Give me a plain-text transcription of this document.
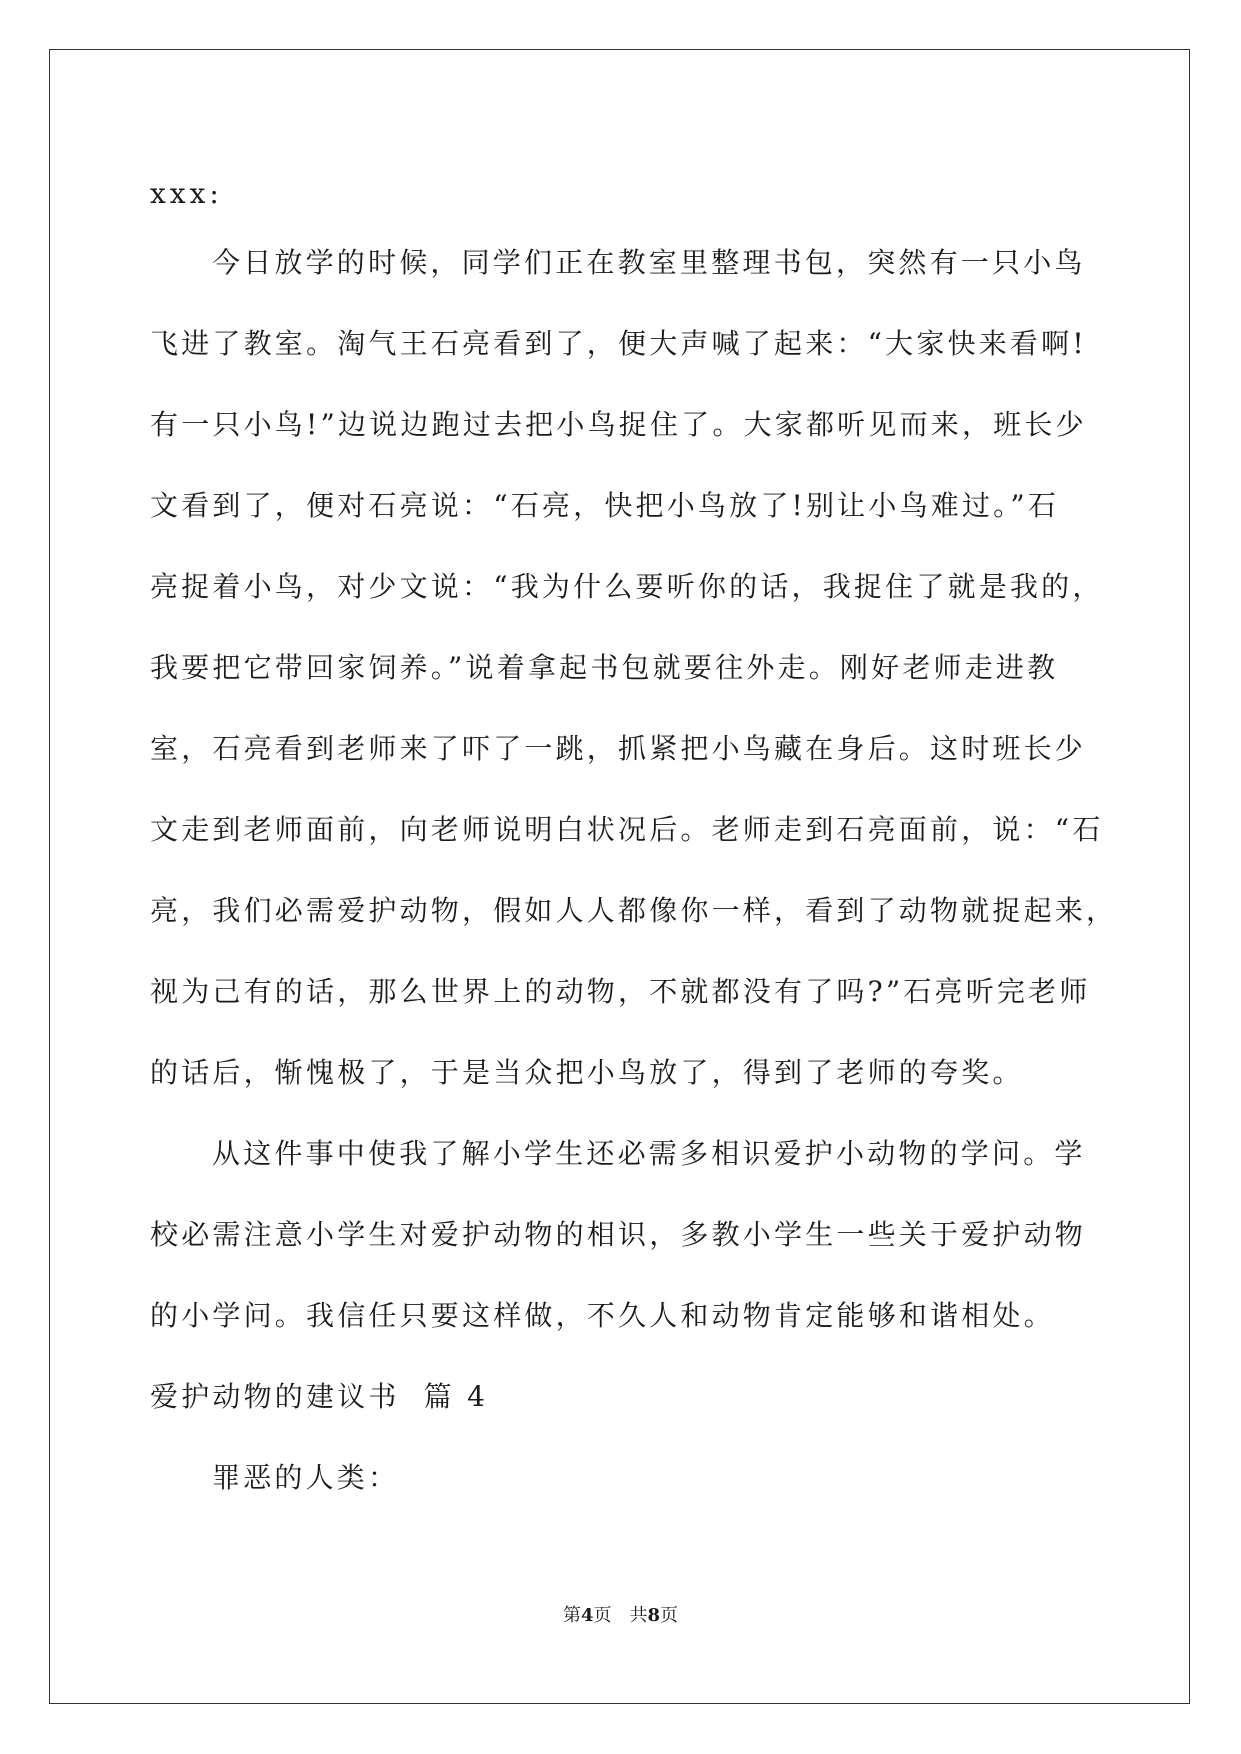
xxx:
今日放学的时候，同学们正在教室里整理书包，突然有一只小鸟
飞进了教室。淘气王石亮看到了，便大声喊了起来：“大家快来看啊!
有一只小鸟!”边说边跑过去把小鸟捉住了。大家都听见而来，班长少
文看到了，便对石亮说：“石亮，快把小鸟放了!别让小鸟难过。”石
亮捉着小鸟，对少文说：“我为什么要听你的话，我捉住了就是我的，
我要把它带回家饲养。”说着拿起书包就要往外走。刚好老师走进教
室，石亮看到老师来了吓了一跳，抓紧把小鸟藏在身后。这时班长少
文走到老师面前，向老师说明白状况后。老师走到石亮面前，说：“石
亮，我们必需爱护动物，假如人人都像你一样，看到了动物就捉起来，
视为己有的话，那么世界上的动物，不就都没有了吗?”石亮听完老师
的话后，惭愧极了，于是当众把小鸟放了，得到了老师的夸奖。
从这件事中使我了解小学生还必需多相识爱护小动物的学问。学
校必需注意小学生对爱护动物的相识，多教小学生一些关于爱护动物
的小学问。我信任只要这样做，不久人和动物肯定能够和谐相处。
爱护动物的建议书  篇 4
罪恶的人类：
第4页 共8页
